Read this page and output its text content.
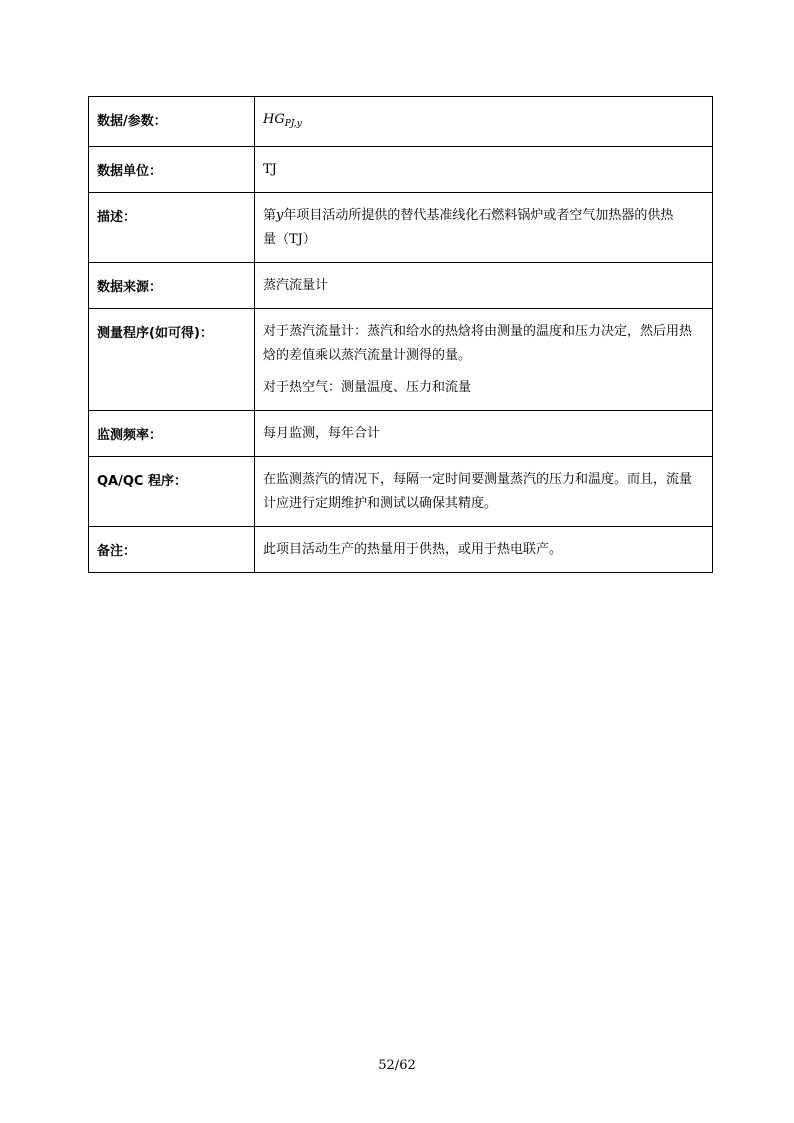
数据/参数：	$HG_{PJ,y}$
数据单位：	TJ
描述：	第y年项目活动所提供的替代基准线化石燃料锅炉或者空气加热器的供热
量（TJ）
数据来源：	蒸汽流量计
测量程序(如可得)：	对于蒸汽流量计：蒸汽和给水的热焓将由测量的温度和压力决定，然后用热焓的差值乘以蒸汽流量计测得的量。

对于热空气：测量温度、压力和流量

监测频率：	每月监测，每年合计
QA/QC 程序：	在监测蒸汽的情况下，每隔一定时间要测量蒸汽的压力和温度。而且，流量计应进行定期维护和测试以确保其精度。
备注：	此项目活动生产的热量用于供热，或用于热电联产。
52/62
